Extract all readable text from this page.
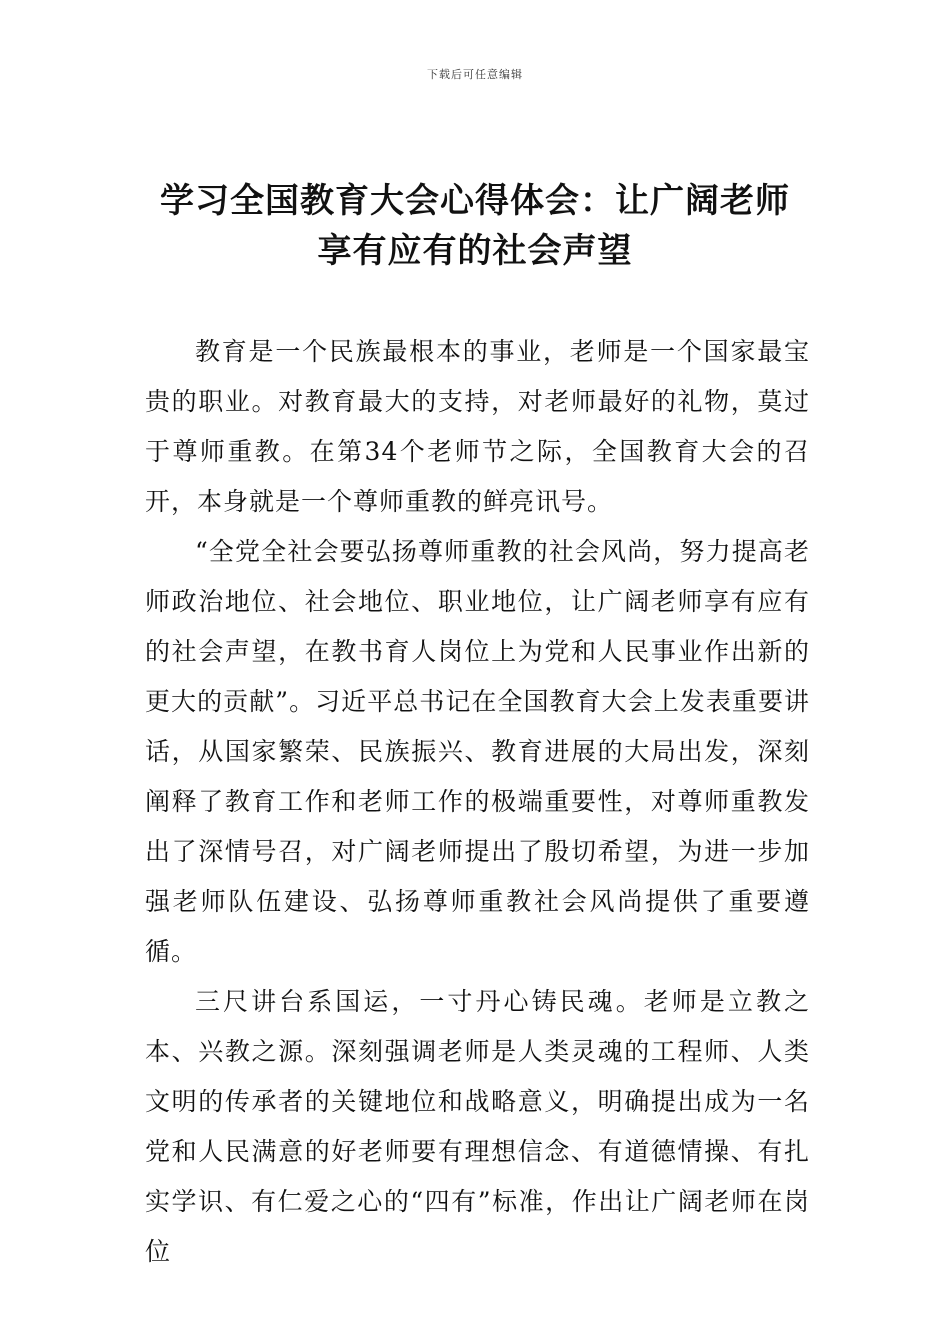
下载后可任意编辑
学习全国教育大会心得体会：让广阔老师
享有应有的社会声望

教育是一个民族最根本的事业，老师是一个国家最宝贵的职业。对教育最大的支持，对老师最好的礼物，莫过于尊师重教。在第34个老师节之际，全国教育大会的召开，本身就是一个尊师重教的鲜亮讯号。

“全党全社会要弘扬尊师重教的社会风尚，努力提高老师政治地位、社会地位、职业地位，让广阔老师享有应有的社会声望，在教书育人岗位上为党和人民事业作出新的更大的贡献”。习近平总书记在全国教育大会上发表重要讲话，从国家繁荣、民族振兴、教育进展的大局出发，深刻阐释了教育工作和老师工作的极端重要性，对尊师重教发出了深情号召，对广阔老师提出了殷切希望，为进一步加强老师队伍建设、弘扬尊师重教社会风尚提供了重要遵循。

三尺讲台系国运，一寸丹心铸民魂。老师是立教之本、兴教之源。深刻强调老师是人类灵魂的工程师、人类文明的传承者的关键地位和战略意义，明确提出成为一名党和人民满意的好老师要有理想信念、有道德情操、有扎实学识、有仁爱之心的“四有”标准，作出让广阔老师在岗位
